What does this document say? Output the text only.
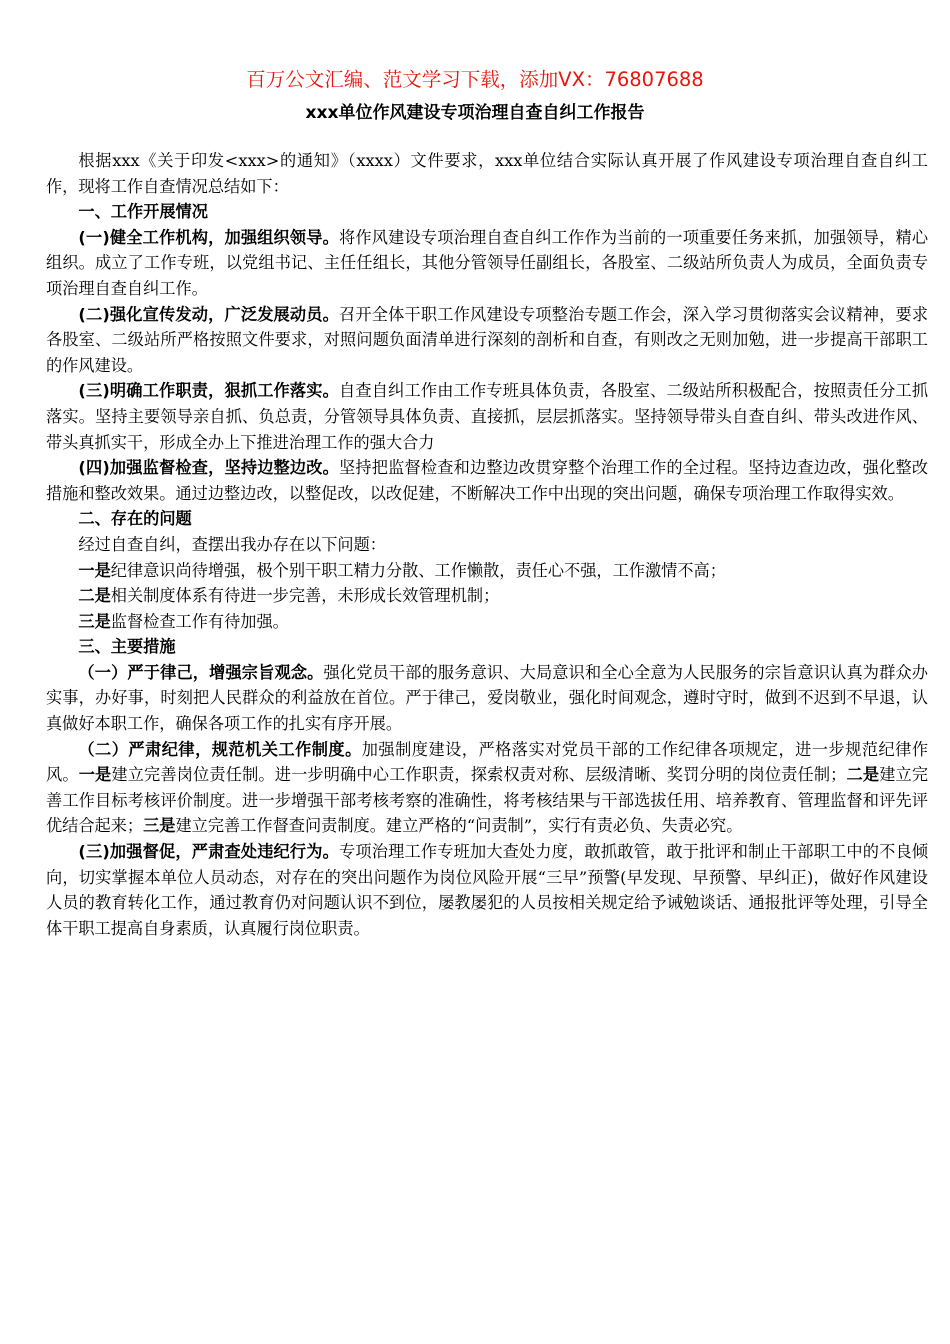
百万公文汇编、范文学习下载，添加VX：76807688
xxx单位作风建设专项治理自查自纠工作报告

根据xxx《关于印发<xxx>的通知》（xxxx）文件要求，xxx单位结合实际认真开展了作风建设专项治理自查自纠工作，现将工作自查情况总结如下：

一、工作开展情况

(一)健全工作机构，加强组织领导。将作风建设专项治理自查自纠工作作为当前的一项重要任务来抓，加强领导，精心组织。成立了工作专班，以党组书记、主任任组长，其他分管领导任副组长，各股室、二级站所负责人为成员，全面负责专项治理自查自纠工作。

(二)强化宣传发动，广泛发展动员。召开全体干职工作风建设专项整治专题工作会，深入学习贯彻落实会议精神，要求各股室、二级站所严格按照文件要求，对照问题负面清单进行深刻的剖析和自查，有则改之无则加勉，进一步提高干部职工的作风建设。

(三)明确工作职责，狠抓工作落实。自查自纠工作由工作专班具体负责，各股室、二级站所积极配合，按照责任分工抓落实。坚持主要领导亲自抓、负总责，分管领导具体负责、直接抓，层层抓落实。坚持领导带头自查自纠、带头改进作风、带头真抓实干，形成全办上下推进治理工作的强大合力

(四)加强监督检查，坚持边整边改。坚持把监督检查和边整边改贯穿整个治理工作的全过程。坚持边查边改，强化整改措施和整改效果。通过边整边改，以整促改，以改促建，不断解决工作中出现的突出问题，确保专项治理工作取得实效。

二、存在的问题

经过自查自纠，查摆出我办存在以下问题：

一是纪律意识尚待增强，极个别干职工精力分散、工作懒散，责任心不强，工作激情不高；

二是相关制度体系有待进一步完善，未形成长效管理机制；

三是监督检查工作有待加强。

三、主要措施

（一）严于律己，增强宗旨观念。强化党员干部的服务意识、大局意识和全心全意为人民服务的宗旨意识认真为群众办实事，办好事，时刻把人民群众的利益放在首位。严于律己，爱岗敬业，强化时间观念，遵时守时，做到不迟到不早退，认真做好本职工作，确保各项工作的扎实有序开展。

（二）严肃纪律，规范机关工作制度。加强制度建设，严格落实对党员干部的工作纪律各项规定，进一步规范纪律作风。一是建立完善岗位责任制。进一步明确中心工作职责，探索权责对称、层级清晰、奖罚分明的岗位责任制；二是建立完善工作目标考核评价制度。进一步增强干部考核考察的准确性，将考核结果与干部选拔任用、培养教育、管理监督和评先评优结合起来；三是建立完善工作督查问责制度。建立严格的“问责制”，实行有责必负、失责必究。

(三)加强督促，严肃查处违纪行为。专项治理工作专班加大查处力度，敢抓敢管，敢于批评和制止干部职工中的不良倾向，切实掌握本单位人员动态，对存在的突出问题作为岗位风险开展“三早”预警(早发现、早预警、早纠正)，做好作风建设人员的教育转化工作，通过教育仍对问题认识不到位，屡教屡犯的人员按相关规定给予诫勉谈话、通报批评等处理，引导全体干职工提高自身素质，认真履行岗位职责。
